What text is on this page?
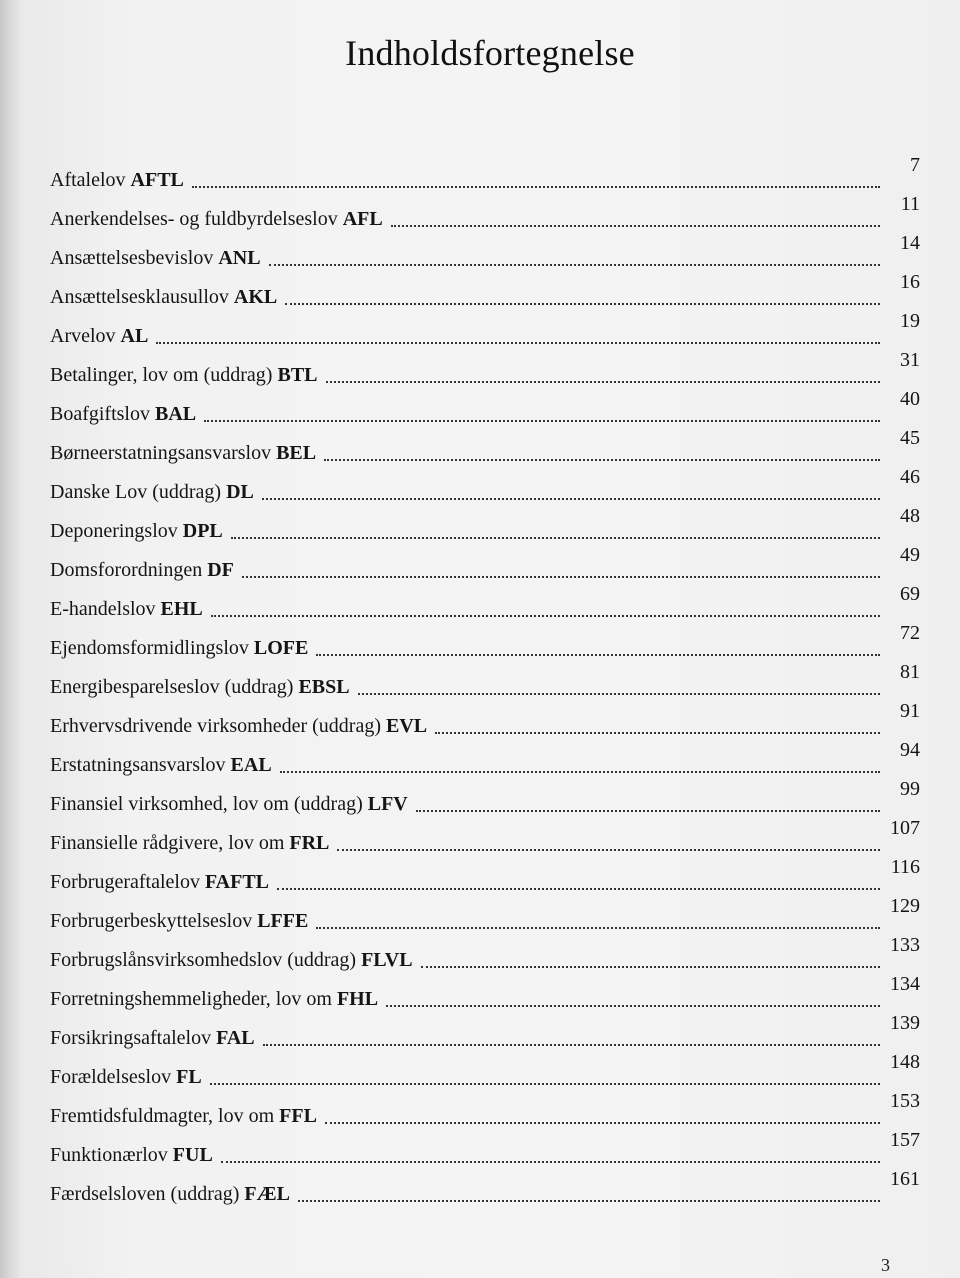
Indholdsfortegnelse
Aftalelov AFTL
7
Anerkendelses- og fuldbyrdelseslov AFL
11
Ansættelsesbevislov ANL
14
Ansættelsesklausullov AKL
16
Arvelov AL
19
Betalinger, lov om (uddrag) BTL
31
Boafgiftslov BAL
40
Børneerstatningsansvarslov BEL
45
Danske Lov (uddrag) DL
46
Deponeringslov DPL
48
Domsforordningen DF
49
E-handelslov EHL
69
Ejendomsformidlingslov LOFE
72
Energibesparelseslov (uddrag) EBSL
81
Erhvervsdrivende virksomheder (uddrag) EVL
91
Erstatningsansvarslov EAL
94
Finansiel virksomhed, lov om (uddrag) LFV
99
Finansielle rådgivere, lov om FRL
107
Forbrugeraftalelov FAFTL
116
Forbrugerbeskyttelseslov LFFE
129
Forbrugslånsvirksomhedslov (uddrag) FLVL
133
Forretningshemmeligheder, lov om FHL
134
Forsikringsaftalelov FAL
139
Forældelseslov FL
148
Fremtidsfuldmagter, lov om FFL
153
Funktionærlov FUL
157
Færdselsloven (uddrag) FÆL
161
3
